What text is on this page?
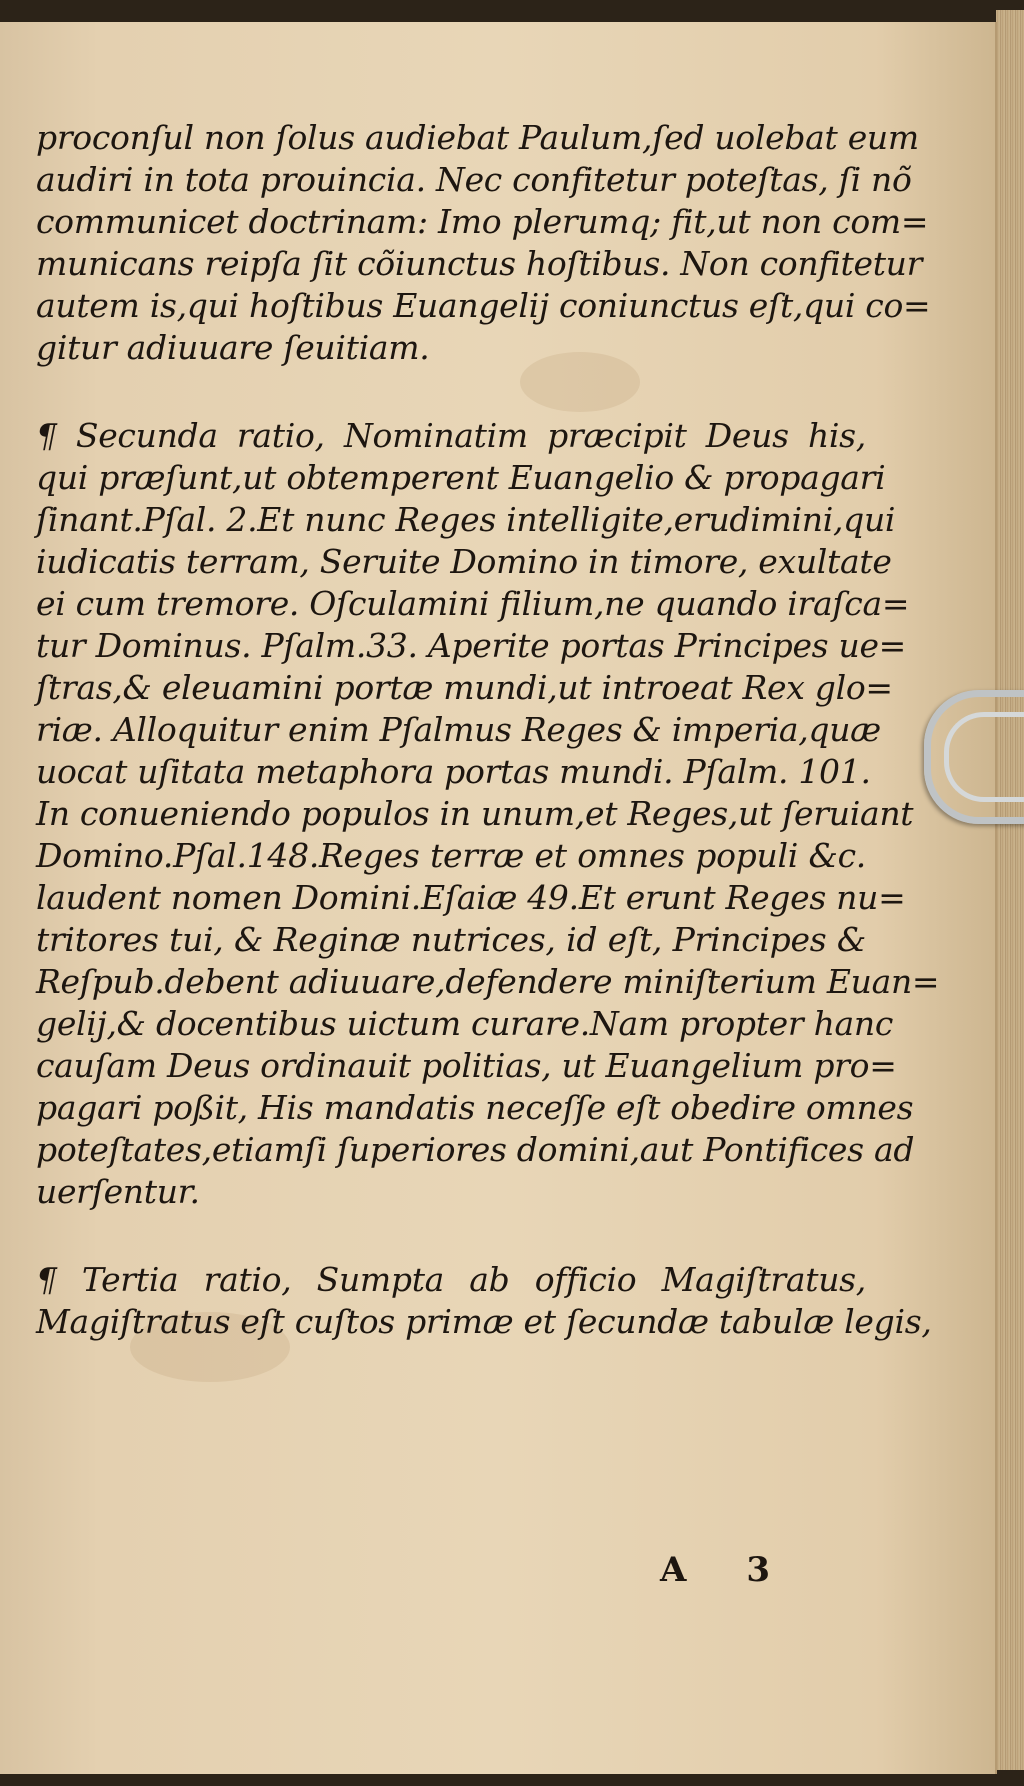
proconſul non ſolus audiebat Paulum,ſed uolebat eum
audiri in tota prouincia. Nec confitetur poteſtas, ſi nõ
communicet doctrinam: Imo plerumq; fit,ut non com=
municans reipſa ſit cõiunctus hoſtibus. Non confitetur
autem is,qui hoſtibus Euangelij coniunctus eſt,qui co=
gitur adiuuare ſeuitiam.
¶ Secunda ratio, Nominatim præcipit Deus his,
qui præſunt,ut obtemperent Euangelio & propagari
ſinant.Pſal. 2.Et nunc Reges intelligite,erudimini,qui
iudicatis terram, Seruite Domino in timore, exultate
ei cum tremore. Oſculamini filium,ne quando iraſca=
tur Dominus. Pſalm.33. Aperite portas Principes ue=
ſtras,& eleuamini portæ mundi,ut introeat Rex glo=
riæ. Alloquitur enim Pſalmus Reges & imperia,quæ
uocat uſitata metaphora portas mundi. Pſalm. 101.
In conueniendo populos in unum,et Reges,ut ſeruiant
Domino.Pſal.148.Reges terræ et omnes populi &c.
laudent nomen Domini.Eſaiæ 49.Et erunt Reges nu=
tritores tui, & Reginæ nutrices, id eſt, Principes &
Reſpub.debent adiuuare,defendere miniſterium Euan=
gelij,& docentibus uictum curare.Nam propter hanc
cauſam Deus ordinauit politias, ut Euangelium pro=
pagari poßit, His mandatis neceſſe eſt obedire omnes
poteſtates,etiamſi ſuperiores domini,aut Pontifices ad
uerſentur.
¶ Tertia ratio, Sumpta ab officio Magiſtratus,
Magiſtratus eſt cuſtos primæ et ſecundæ tabulæ legis,
A 3
